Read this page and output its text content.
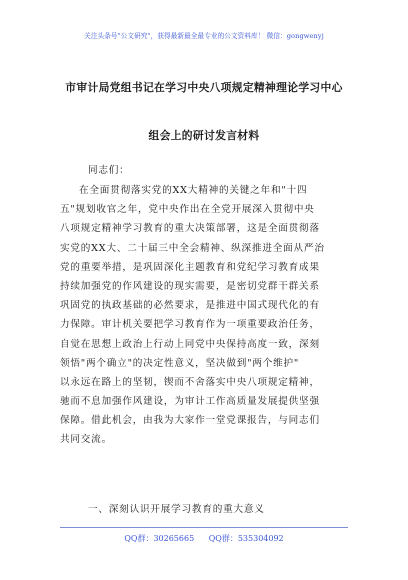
关注头条号"公文研究"，获得最新最全最专业的公文资料库！ 微信：gongwenyj
市审计局党组书记在学习中央八项规定精神理论学习中心
组会上的研讨发言材料
同志们：
在全面贯彻落实党的XX大精神的关键之年和"十四
五"规划收官之年，党中央作出在全党开展深入贯彻中央
八项规定精神学习教育的重大决策部署，这是全面贯彻落
实党的XX大、二十届三中全会精神、纵深推进全面从严治
党的重要举措，是巩固深化主题教育和党纪学习教育成果
持续加强党的作风建设的现实需要，是密切党群干群关系
巩固党的执政基础的必然要求，是推进中国式现代化的有
力保障。审计机关要把学习教育作为一项重要政治任务，
自觉在思想上政治上行动上同党中央保持高度一致，深刻
领悟"两个确立"的决定性意义，坚决做到"两个维护"
以永远在路上的坚韧，锲而不舍落实中央八项规定精神，
驰而不息加强作风建设，为审计工作高质量发展提供坚强
保障。借此机会，由我为大家作一堂党课报告，与同志们
共同交流。
一、深刻认识开展学习教育的重大意义
QQ群：30265665 QQ群：535304092
